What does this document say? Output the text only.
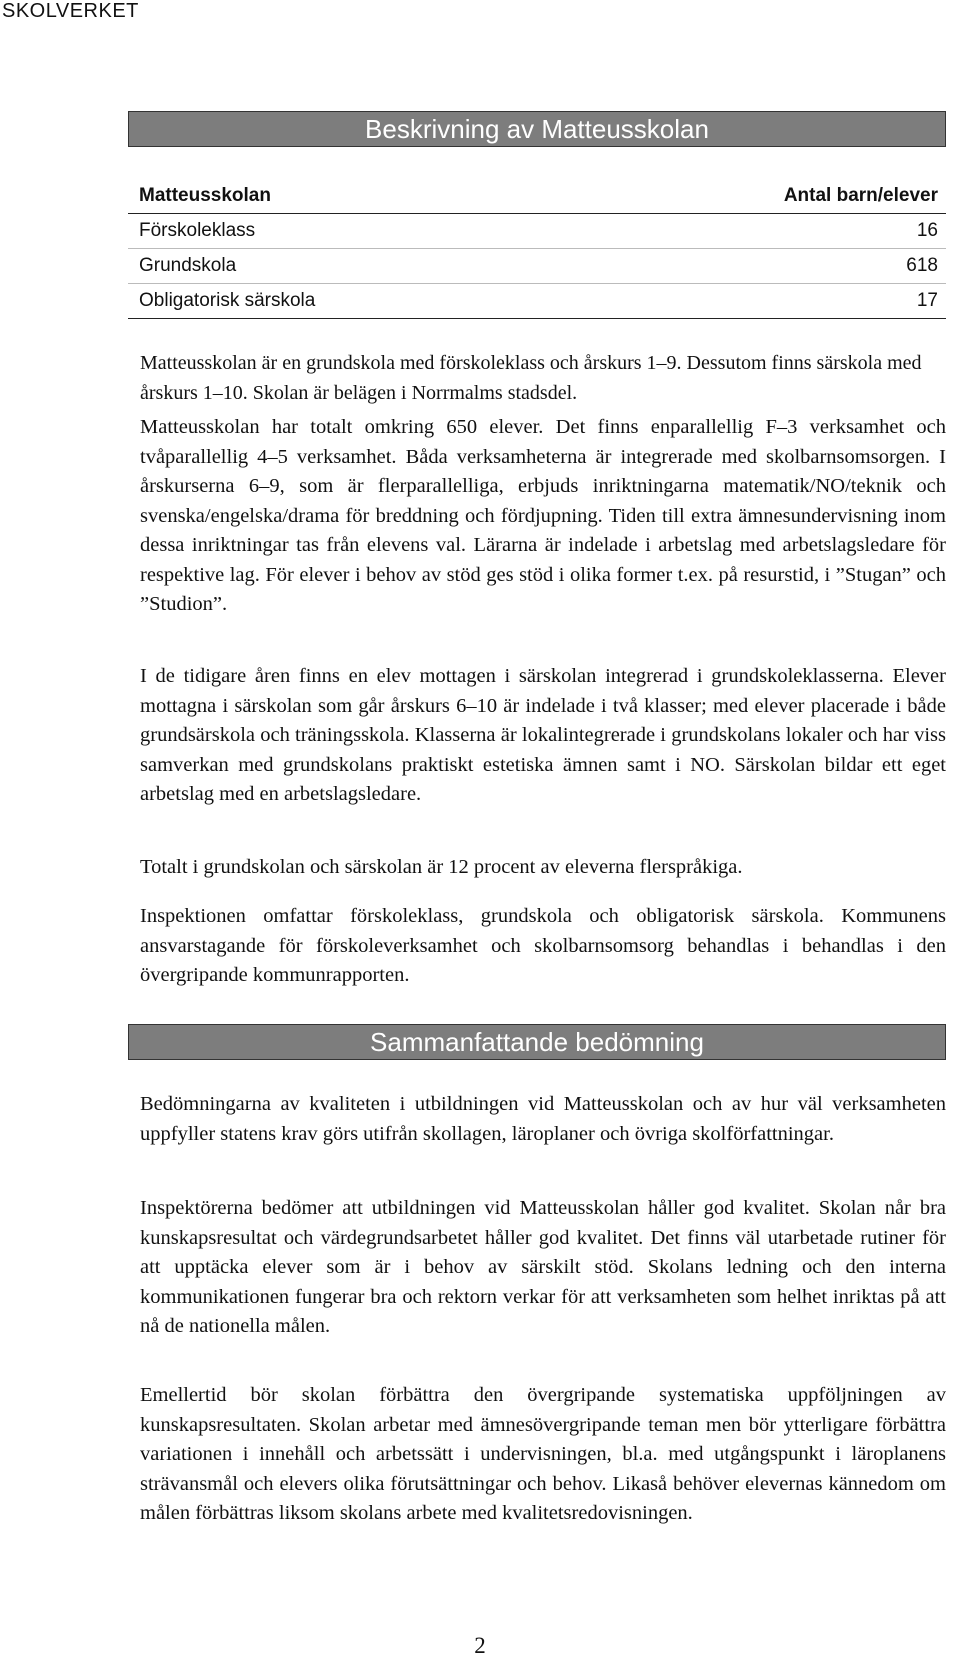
SKOLVERKET
Beskrivning av Matteusskolan
Matteusskolan	Antal barn/elever
Förskoleklass	16
Grundskola	618
Obligatorisk särskola	17

Matteusskolan är en grundskola med förskoleklass och årskurs 1–9. Dessutom finns särskola med årskurs 1–10. Skolan är belägen i Norrmalms stadsdel.

Matteusskolan har totalt omkring 650 elever. Det finns enparallellig F–3 verksamhet och tvåparallellig 4–5 verksamhet. Båda verksamheterna är integrerade med skolbarnsomsorgen. I årskurserna 6–9, som är flerparallelliga, erbjuds inriktningarna matematik/NO/teknik och svenska/engelska/drama för breddning och fördjupning. Tiden till extra ämnesundervisning inom dessa inriktningar tas från elevens val. Lärarna är indelade i arbetslag med arbetslagsledare för respektive lag. För elever i behov av stöd ges stöd i olika former t.ex. på resurstid, i ”Stugan” och ”Studion”.

I de tidigare åren finns en elev mottagen i särskolan integrerad i grundskoleklasserna. Elever mottagna i särskolan som går årskurs 6–10 är indelade i två klasser; med elever placerade i både grundsärskola och träningsskola. Klasserna är lokalintegrerade i grundskolans lokaler och har viss samverkan med grundskolans praktiskt estetiska ämnen samt i NO. Särskolan bildar ett eget arbetslag med en arbetslagsledare.

Totalt i grundskolan och särskolan är 12 procent av eleverna flerspråkiga.

Inspektionen omfattar förskoleklass, grundskola och obligatorisk särskola. Kommunens ansvarstagande för förskoleverksamhet och skolbarnsomsorg behandlas i behandlas i den övergripande kommunrapporten.

Sammanfattande bedömning

Bedömningarna av kvaliteten i utbildningen vid Matteusskolan och av hur väl verksamheten uppfyller statens krav görs utifrån skollagen, läroplaner och övriga skolförfattningar.

Inspektörerna bedömer att utbildningen vid Matteusskolan håller god kvalitet. Skolan når bra kunskapsresultat och värdegrundsarbetet håller god kvalitet. Det finns väl utarbetade rutiner för att upptäcka elever som är i behov av särskilt stöd. Skolans ledning och den interna kommunikationen fungerar bra och rektorn verkar för att verksamheten som helhet inriktas på att nå de nationella målen.

Emellertid bör skolan förbättra den övergripande systematiska uppföljningen av kunskapsresultaten. Skolan arbetar med ämnesövergripande teman men bör ytterligare förbättra variationen i innehåll och arbetssätt i undervisningen, bl.a. med utgångspunkt i läroplanens strävansmål och elevers olika förutsättningar och behov. Likaså behöver elevernas kännedom om målen förbättras liksom skolans arbete med kvalitetsredovisningen.

2
